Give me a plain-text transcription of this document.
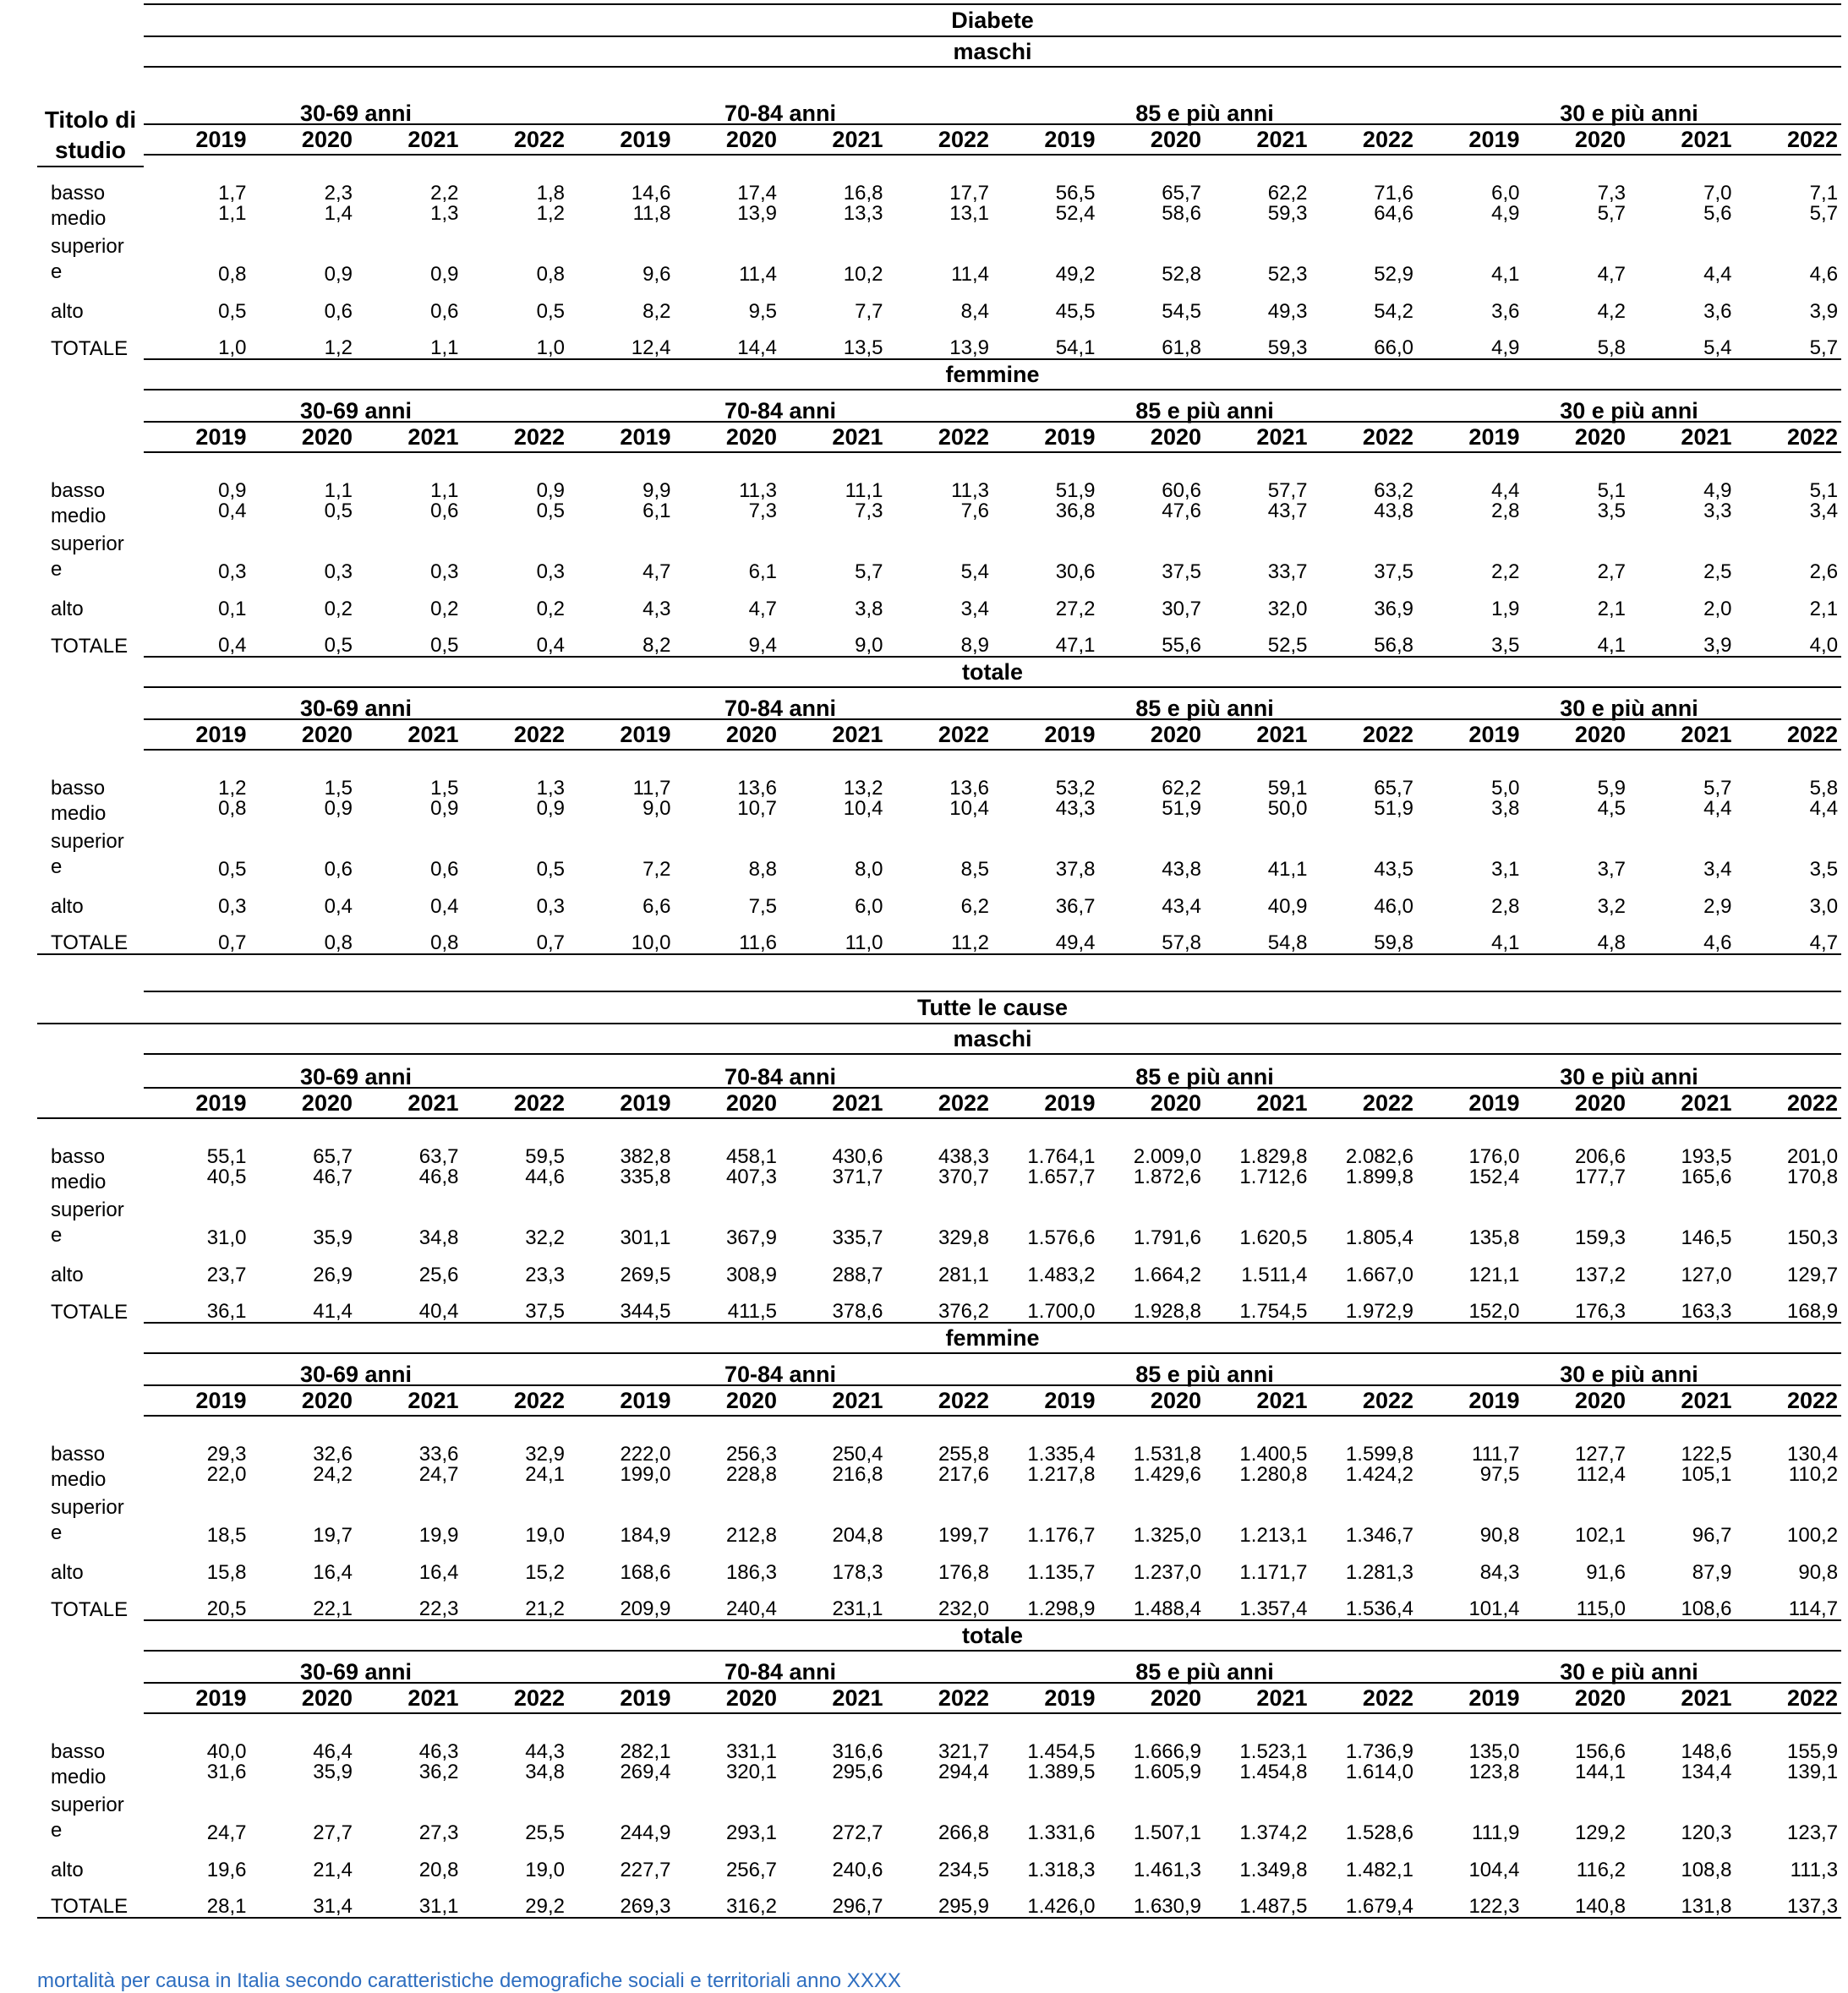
	Diabete															
Titolo di studio	maschi															
	30-69 anni				70-84 anni				85 e più anni				30 e più anni			
	2019	2020	2021	2022	2019	2020	2021	2022	2019	2020	2021	2022	2019	2020	2021	2022

basso	1,7	2,3	2,2	1,8	14,6	17,4	16,8	17,7	56,5	65,7	62,2	71,6	6,0	7,3	7,0	7,1

medio	1,1	1,4	1,3	1,2	11,8	13,9	13,3	13,1	52,4	58,6	59,3	64,6	4,9	5,7	5,6	5,7
superior
e	0,8	0,9	0,9	0,8	9,6	11,4	10,2	11,4	49,2	52,8	52,3	52,9	4,1	4,7	4,4	4,6
alto	0,5	0,6	0,6	0,5	8,2	9,5	7,7	8,4	45,5	54,5	49,3	54,2	3,6	4,2	3,6	3,9
TOTALE	1,0	1,2	1,1	1,0	12,4	14,4	13,5	13,9	54,1	61,8	59,3	66,0	4,9	5,8	5,4	5,7
	femmine															
	30-69 anni				70-84 anni				85 e più anni				30 e più anni			
	2019	2020	2021	2022	2019	2020	2021	2022	2019	2020	2021	2022	2019	2020	2021	2022

basso	0,9	1,1	1,1	0,9	9,9	11,3	11,1	11,3	51,9	60,6	57,7	63,2	4,4	5,1	4,9	5,1

medio	0,4	0,5	0,6	0,5	6,1	7,3	7,3	7,6	36,8	47,6	43,7	43,8	2,8	3,5	3,3	3,4
superior
e	0,3	0,3	0,3	0,3	4,7	6,1	5,7	5,4	30,6	37,5	33,7	37,5	2,2	2,7	2,5	2,6
alto	0,1	0,2	0,2	0,2	4,3	4,7	3,8	3,4	27,2	30,7	32,0	36,9	1,9	2,1	2,0	2,1
TOTALE	0,4	0,5	0,5	0,4	8,2	9,4	9,0	8,9	47,1	55,6	52,5	56,8	3,5	4,1	3,9	4,0
	totale															
	30-69 anni				70-84 anni				85 e più anni				30 e più anni			
	2019	2020	2021	2022	2019	2020	2021	2022	2019	2020	2021	2022	2019	2020	2021	2022

basso	1,2	1,5	1,5	1,3	11,7	13,6	13,2	13,6	53,2	62,2	59,1	65,7	5,0	5,9	5,7	5,8

medio	0,8	0,9	0,9	0,9	9,0	10,7	10,4	10,4	43,3	51,9	50,0	51,9	3,8	4,5	4,4	4,4
superior
e	0,5	0,6	0,6	0,5	7,2	8,8	8,0	8,5	37,8	43,8	41,1	43,5	3,1	3,7	3,4	3,5
alto	0,3	0,4	0,4	0,3	6,6	7,5	6,0	6,2	36,7	43,4	40,9	46,0	2,8	3,2	2,9	3,0
TOTALE	0,7	0,8	0,8	0,7	10,0	11,6	11,0	11,2	49,4	57,8	54,8	59,8	4,1	4,8	4,6	4,7
	Tutte le cause															
	maschi															
	30-69 anni				70-84 anni				85 e più anni				30 e più anni			
	2019	2020	2021	2022	2019	2020	2021	2022	2019	2020	2021	2022	2019	2020	2021	2022

basso	55,1	65,7	63,7	59,5	382,8	458,1	430,6	438,3	1.764,1	2.009,0	1.829,8	2.082,6	176,0	206,6	193,5	201,0

medio	40,5	46,7	46,8	44,6	335,8	407,3	371,7	370,7	1.657,7	1.872,6	1.712,6	1.899,8	152,4	177,7	165,6	170,8
superior
e	31,0	35,9	34,8	32,2	301,1	367,9	335,7	329,8	1.576,6	1.791,6	1.620,5	1.805,4	135,8	159,3	146,5	150,3
alto	23,7	26,9	25,6	23,3	269,5	308,9	288,7	281,1	1.483,2	1.664,2	1.511,4	1.667,0	121,1	137,2	127,0	129,7
TOTALE	36,1	41,4	40,4	37,5	344,5	411,5	378,6	376,2	1.700,0	1.928,8	1.754,5	1.972,9	152,0	176,3	163,3	168,9
	femmine															
	30-69 anni				70-84 anni				85 e più anni				30 e più anni			
	2019	2020	2021	2022	2019	2020	2021	2022	2019	2020	2021	2022	2019	2020	2021	2022

basso	29,3	32,6	33,6	32,9	222,0	256,3	250,4	255,8	1.335,4	1.531,8	1.400,5	1.599,8	111,7	127,7	122,5	130,4

medio	22,0	24,2	24,7	24,1	199,0	228,8	216,8	217,6	1.217,8	1.429,6	1.280,8	1.424,2	97,5	112,4	105,1	110,2
superior
e	18,5	19,7	19,9	19,0	184,9	212,8	204,8	199,7	1.176,7	1.325,0	1.213,1	1.346,7	90,8	102,1	96,7	100,2
alto	15,8	16,4	16,4	15,2	168,6	186,3	178,3	176,8	1.135,7	1.237,0	1.171,7	1.281,3	84,3	91,6	87,9	90,8
TOTALE	20,5	22,1	22,3	21,2	209,9	240,4	231,1	232,0	1.298,9	1.488,4	1.357,4	1.536,4	101,4	115,0	108,6	114,7
	totale															
	30-69 anni				70-84 anni				85 e più anni				30 e più anni			
	2019	2020	2021	2022	2019	2020	2021	2022	2019	2020	2021	2022	2019	2020	2021	2022

basso	40,0	46,4	46,3	44,3	282,1	331,1	316,6	321,7	1.454,5	1.666,9	1.523,1	1.736,9	135,0	156,6	148,6	155,9

medio	31,6	35,9	36,2	34,8	269,4	320,1	295,6	294,4	1.389,5	1.605,9	1.454,8	1.614,0	123,8	144,1	134,4	139,1
superior
e	24,7	27,7	27,3	25,5	244,9	293,1	272,7	266,8	1.331,6	1.507,1	1.374,2	1.528,6	111,9	129,2	120,3	123,7
alto	19,6	21,4	20,8	19,0	227,7	256,7	240,6	234,5	1.318,3	1.461,3	1.349,8	1.482,1	104,4	116,2	108,8	111,3
TOTALE	28,1	31,4	31,1	29,2	269,3	316,2	296,7	295,9	1.426,0	1.630,9	1.487,5	1.679,4	122,3	140,8	131,8	137,3
mortalità per causa in Italia secondo caratteristiche demografiche sociali e territoriali anno XXXX
